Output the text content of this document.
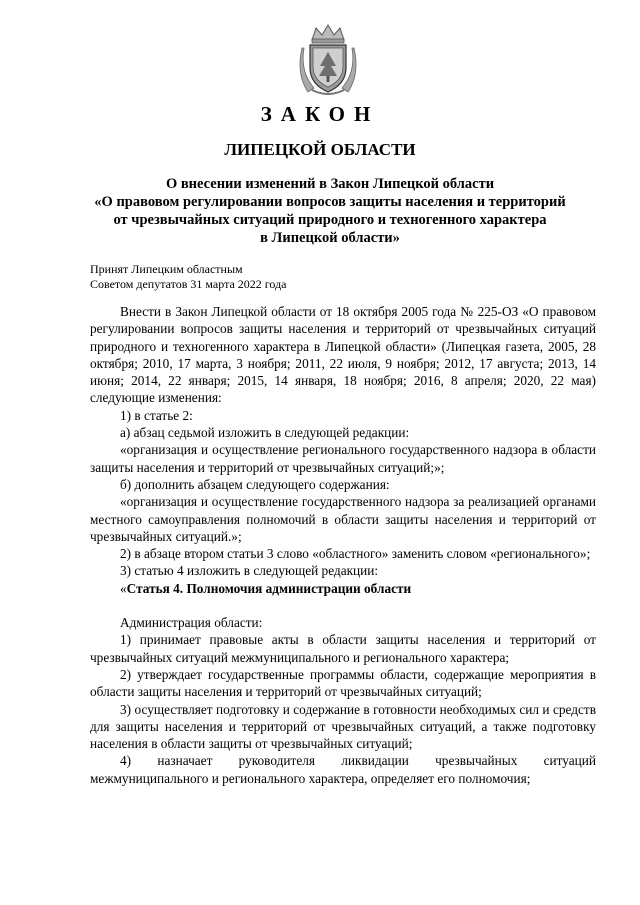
ЗАКОН
ЛИПЕЦКОЙ ОБЛАСТИ
О внесении изменений в Закон Липецкой области
«О правовом регулировании вопросов защиты населения и территорий
от чрезвычайных ситуаций природного и техногенного характера
в Липецкой области»
Принят Липецким областным
Советом депутатов 31 марта 2022 года

Внести в Закон Липецкой области от 18 октября 2005 года № 225-ОЗ «О правовом регулировании вопросов защиты населения и территорий от чрезвычайных ситуаций природного и техногенного характера в Липецкой области» (Липецкая газета, 2005, 28 октября; 2010, 17 марта, 3 ноября; 2011, 22 июля, 9 ноября; 2012, 17 августа; 2013, 14 июня; 2014, 22 января; 2015, 14 января, 18 ноября; 2016, 8 апреля; 2020, 22 мая) следующие изменения:

1) в статье 2:

а) абзац седьмой изложить в следующей редакции:

«организация и осуществление регионального государственного надзора в области защиты населения и территорий от чрезвычайных ситуаций;»;

б) дополнить абзацем следующего содержания:

«организация и осуществление государственного надзора за реализацией органами местного самоуправления полномочий в области защиты населения и территорий от чрезвычайных ситуаций.»;

2) в абзаце втором статьи 3 слово «областного» заменить словом «регионального»;

3) статью 4 изложить в следующей редакции:

«Статья 4. Полномочия администрации области

Администрация области:

1) принимает правовые акты в области защиты населения и территорий от чрезвычайных ситуаций межмуниципального и регионального характера;

2) утверждает государственные программы области, содержащие мероприятия в области защиты населения и территорий от чрезвычайных ситуаций;

3) осуществляет подготовку и содержание в готовности необходимых сил и средств для защиты населения и территорий от чрезвычайных ситуаций, а также подготовку населения в области защиты от чрезвычайных ситуаций;

4) назначает руководителя ликвидации чрезвычайных ситуаций межмуниципального и регионального характера, определяет его полномочия;
